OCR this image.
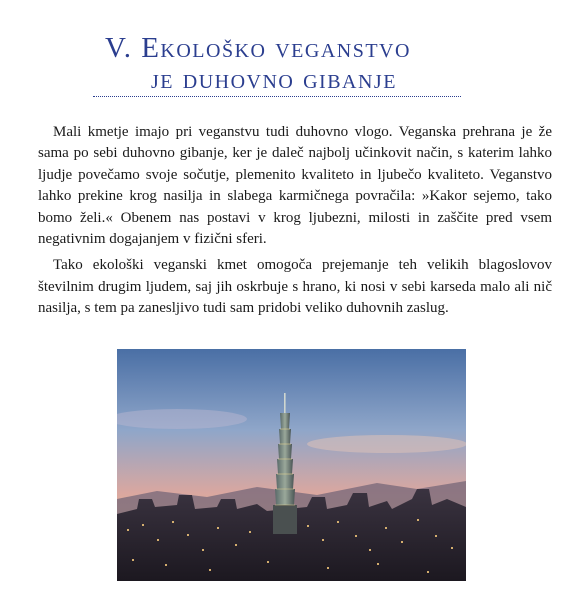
V. Ekološko veganstvo
je duhovno gibanje

Mali kmetje imajo pri veganstvu tudi duhovno vlogo. Veganska prehrana je že sama po sebi duhovno gibanje, ker je daleč najbolj učinkovit način, s katerim lahko ljudje povečamo svoje sočutje, plemenito kvaliteto in ljubečo kvaliteto. Veganstvo lahko prekine krog nasilja in slabega karmičnega povračila: »Kakor sejemo, tako bomo želi.« Obenem nas postavi v krog ljubezni, milosti in zaščite pred vsem negativnim dogajanjem v fizični sferi.

Tako ekološki veganski kmet omogoča prejemanje teh velikih blagoslovov številnim drugim ljudem, saj jih oskrbuje s hrano, ki nosi v sebi karseda malo ali nič nasilja, s tem pa zanesljivo tudi sam pridobi veliko duhovnih zaslug.
